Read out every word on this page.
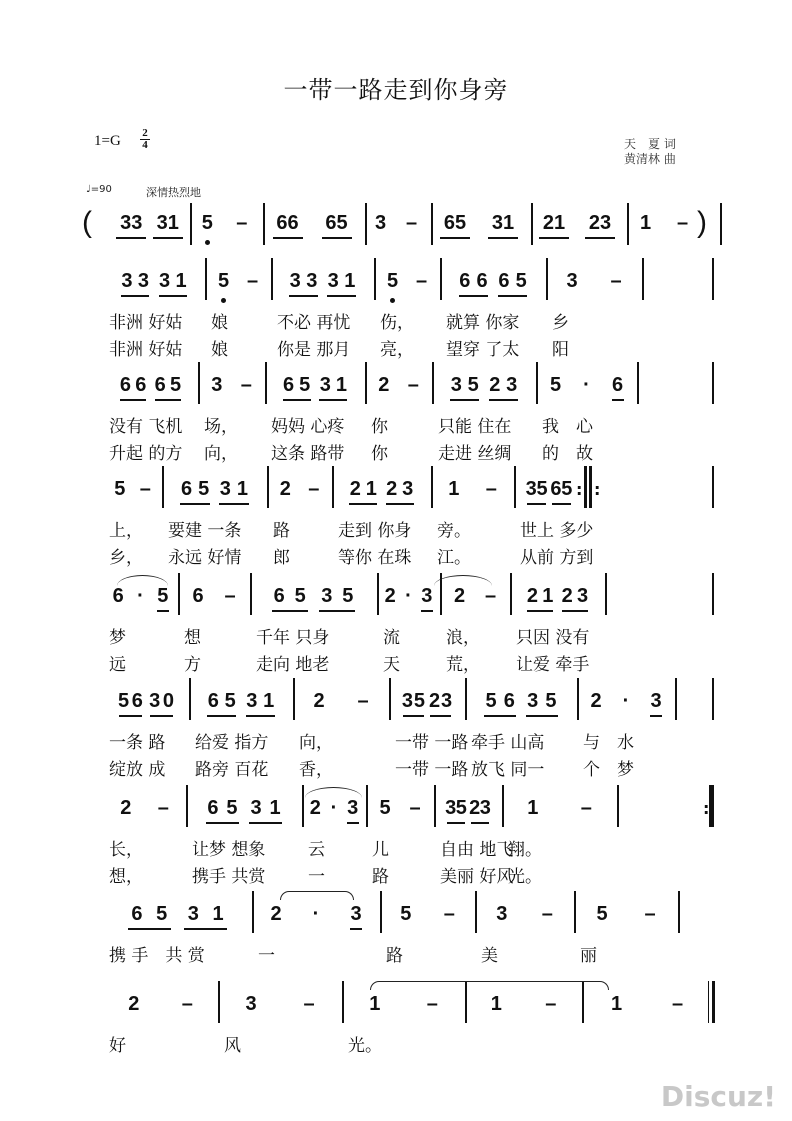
一带一路走到你身旁
1=G 2
4	天　夏 词
黄清林 曲
♩=90	深情热烈地
(	33 31	5 –	66	65	3 –	65	31	21	23	1 – )
3 3 3 1
非洲 好姑
非洲 好姑
5 –
娘
娘
3 3 3 1
不必 再忧
你是 那月
5 –
伤，
亮，
6 6 6 5
就算 你家
望穿 了太
3 –
乡
阳
6 6 6 5
没有 飞机
升起 的方
3 –
场，
向，
6 5 3 1
妈妈 心疼
这条 路带
2 –
你
你
3 5 2 3
只能 住在
走进 丝绸
5	·	6
我　心
的　故
5 –
上，
乡，
6 5 3 1
要建 一条
永远 好情
2 –
路
郎
2 1 2 3
走到 你身
等你 在珠
1 –
旁。
江。
3 5 6 5
世上 多少
从前 方到
: :
6 · 5
梦
远
6 –
想
方
6 5 3 5
千年 只身
走向 地老
2 · 3
流
天
2 –
浪，
荒，
2 1 2 3
只因 没有
让爱 牵手
5 6 3 0
一条 路
绽放 成
6 5 3 1
给爱 指方
路旁 百花
2 –
向，
香，
3 5 2 3
一带 一路
一带 一路
5 6 3 5
牵手 山高
放飞 同一
2	·	3
与　水
个　梦
2 –
长，
想，
6 5 3 1
让梦 想象
携手 共赏
2 · 3
云
一
5 –
儿
路
3 5 2 3
自由 地飞
美丽 好风
1 –
翔。
光。
:
6 5 3 1
携 手　共 赏
2	·	3
一
5 –
路
3 –
美
5 –
丽
2 –
好
3 –
风
1 –
光。
1 –	1 –
Discuz!
